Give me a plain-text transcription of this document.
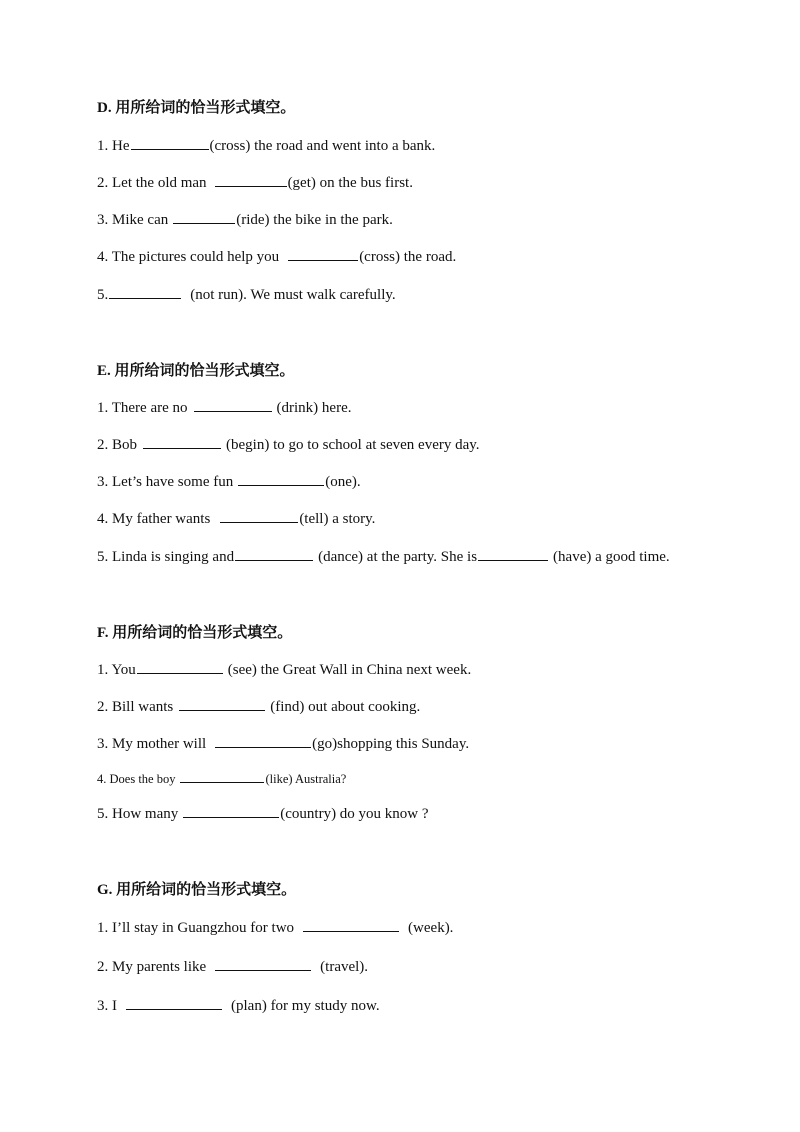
D. 用所给词的恰当形式填空。
1. He	(cross) the road and went into a bank.
2. Let the old man	(get) on the bus first.
3. Mike can	(ride) the bike in the park.
4. The pictures could help you	(cross) the road.
5.	(not run). We must walk carefully.
E. 用所给词的恰当形式填空。
1. There are no	(drink) here.
2. Bob	(begin) to go to school at seven every day.
3. Let’s have some fun	(one).
4. My father wants	(tell) a story.
5. Linda is singing and	(dance) at the party. She is	(have) a good time.
F. 用所给词的恰当形式填空。
1. You	(see) the Great Wall in China next week.
2. Bill wants	(find) out about cooking.
3. My mother will	(go)shopping this Sunday.
4. Does the boy	(like) Australia?
5. How many	(country) do you know ?
G. 用所给词的恰当形式填空。
1. I’ll stay in Guangzhou for two	(week).
2. My parents like	(travel).
3. I	(plan) for my study now.
